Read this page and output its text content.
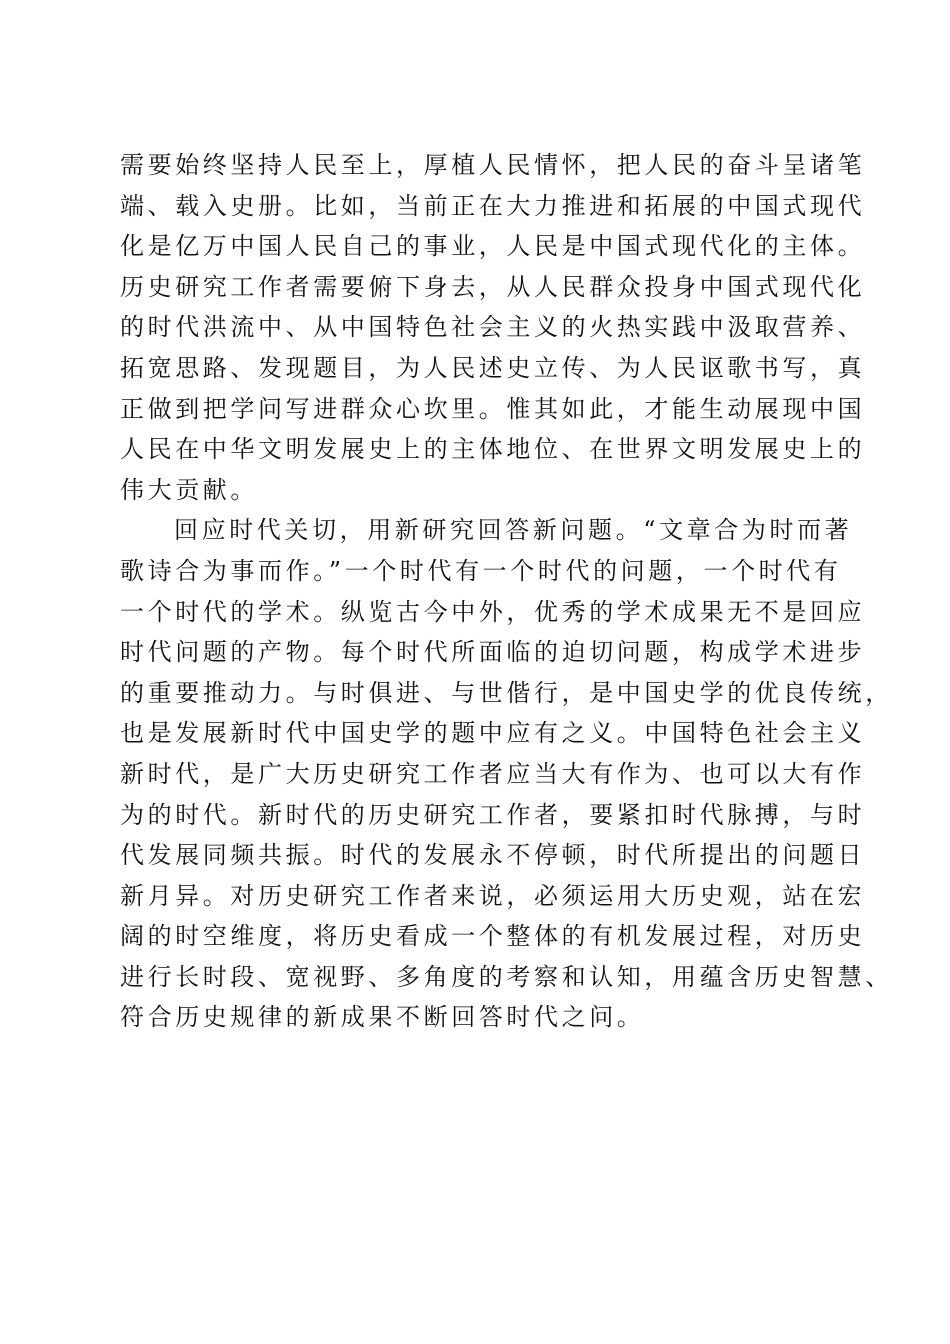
需要始终坚持人民至上，厚植人民情怀，把人民的奋斗呈诸笔
端、载入史册。比如，当前正在大力推进和拓展的中国式现代
化是亿万中国人民自己的事业，人民是中国式现代化的主体。
历史研究工作者需要俯下身去，从人民群众投身中国式现代化
的时代洪流中、从中国特色社会主义的火热实践中汲取营养、
拓宽思路、发现题目，为人民述史立传、为人民讴歌书写，真
正做到把学问写进群众心坎里。惟其如此，才能生动展现中国
人民在中华文明发展史上的主体地位、在世界文明发展史上的
伟大贡献。
回应时代关切，用新研究回答新问题。“文章合为时而著
歌诗合为事而作。”一个时代有一个时代的问题，一个时代有
一个时代的学术。纵览古今中外，优秀的学术成果无不是回应
时代问题的产物。每个时代所面临的迫切问题，构成学术进步
的重要推动力。与时俱进、与世偕行，是中国史学的优良传统，
也是发展新时代中国史学的题中应有之义。中国特色社会主义
新时代，是广大历史研究工作者应当大有作为、也可以大有作
为的时代。新时代的历史研究工作者，要紧扣时代脉搏，与时
代发展同频共振。时代的发展永不停顿，时代所提出的问题日
新月异。对历史研究工作者来说，必须运用大历史观，站在宏
阔的时空维度，将历史看成一个整体的有机发展过程，对历史
进行长时段、宽视野、多角度的考察和认知，用蕴含历史智慧、
符合历史规律的新成果不断回答时代之问。
